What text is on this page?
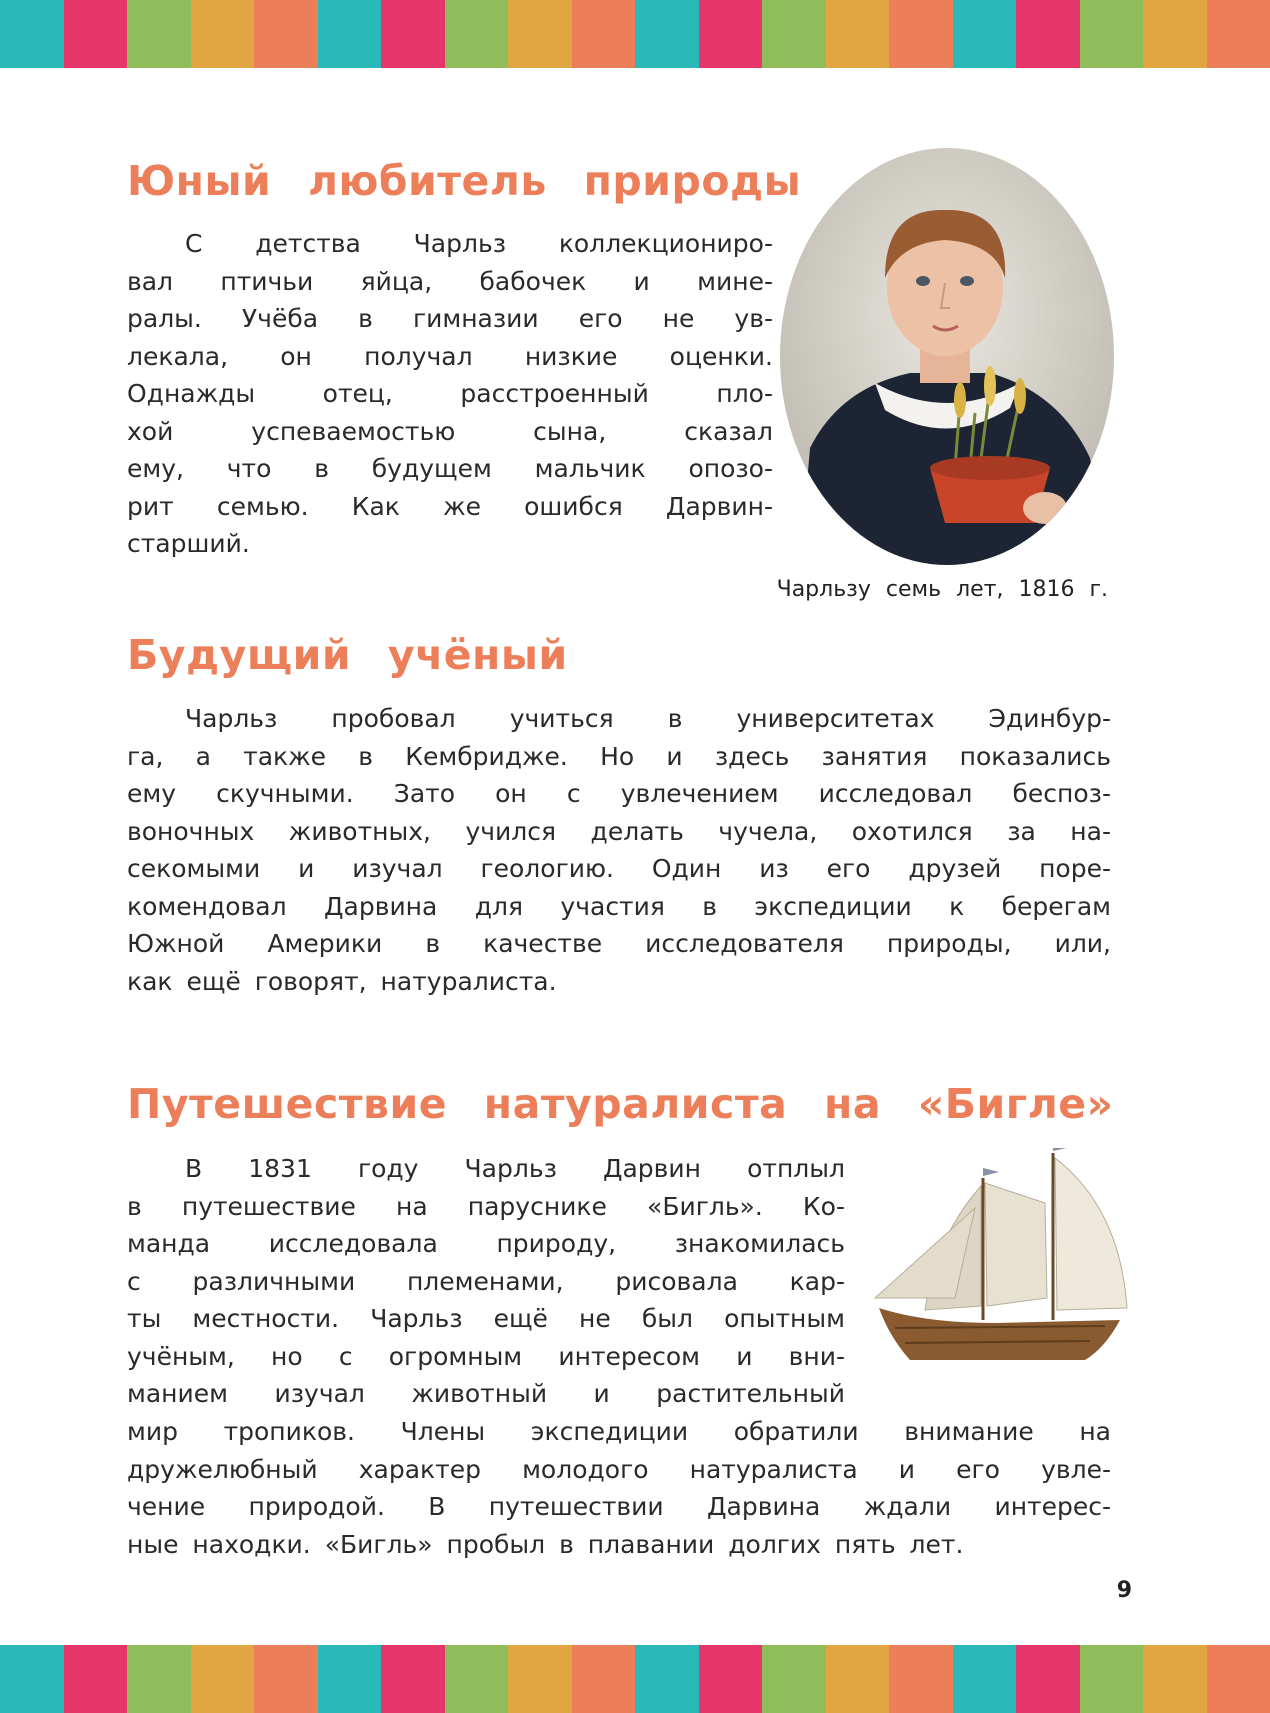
Юный любитель природы
С детства Чарльз коллекциониро-
вал птичьи яйца, бабочек и мине-
ралы. Учёба в гимназии его не ув-
лекала, он получал низкие оценки.
Однажды отец, расстроенный пло-
хой успеваемостью сына, сказал
ему, что в будущем мальчик опозо-
рит семью. Как же ошибся Дарвин-
старший.

Чарльзу семь лет, 1816 г.

Будущий учёный
Чарльз пробовал учиться в университетах Эдинбур-
га, а также в Кембридже. Но и здесь занятия показались
ему скучными. Зато он с увлечением исследовал беспоз-
воночных животных, учился делать чучела, охотился за на-
секомыми и изучал геологию. Один из его друзей поре-
комендовал Дарвина для участия в экспедиции к берегам
Южной Америки в качестве исследователя природы, или,
как ещё говорят, натуралиста.
Путешествие натуралиста на «Бигле»
В 1831 году Чарльз Дарвин отплыл
в путешествие на паруснике «Бигль». Ко-
манда исследовала природу, знакомилась
с различными племенами, рисовала кар-
ты местности. Чарльз ещё не был опытным
учёным, но с огромным интересом и вни-
манием изучал животный и растительный
мир тропиков. Члены экспедиции обратили внимание на
дружелюбный характер молодого натуралиста и его увле-
чение природой. В путешествии Дарвина ждали интерес-
ные находки. «Бигль» пробыл в плавании долгих пять лет.

9
